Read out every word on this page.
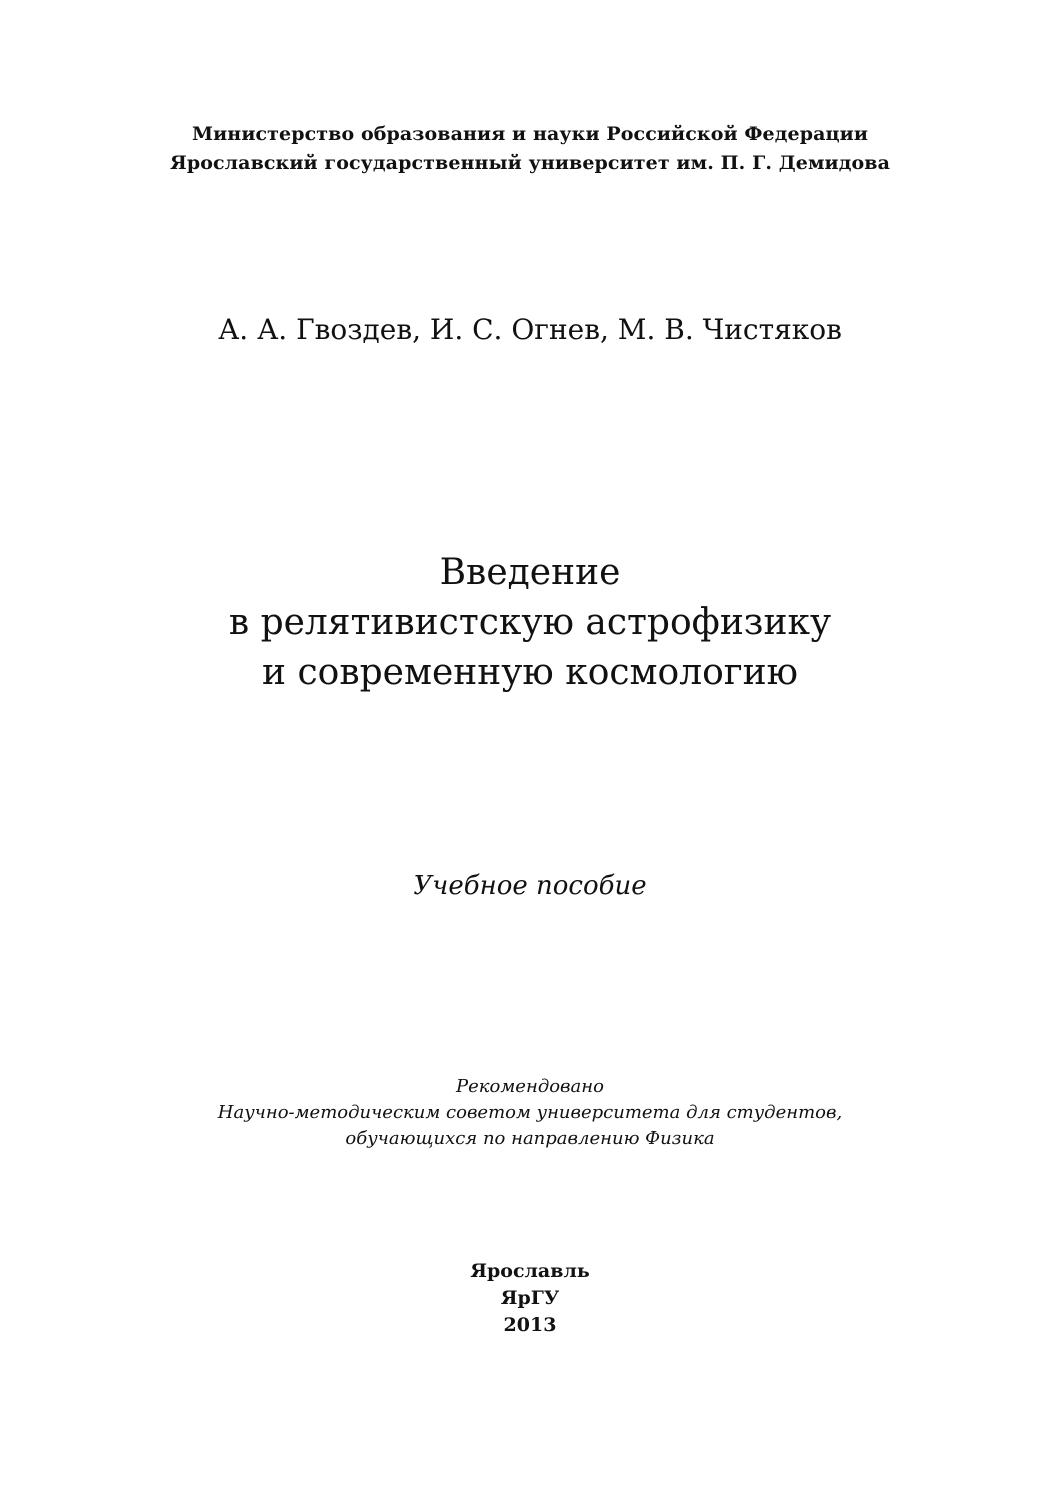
Министерство образования и науки Российской Федерации
Ярославский государственный университет им. П. Г. Демидова
А. А. Гвоздев, И. С. Огнев, М. В. Чистяков
Введение
в релятивистскую астрофизику
и современную космологию
Учебное пособие
Рекомендовано
Научно-методическим советом университета для студентов,
обучающихся по направлению Физика
Ярославль
ЯрГУ
2013
